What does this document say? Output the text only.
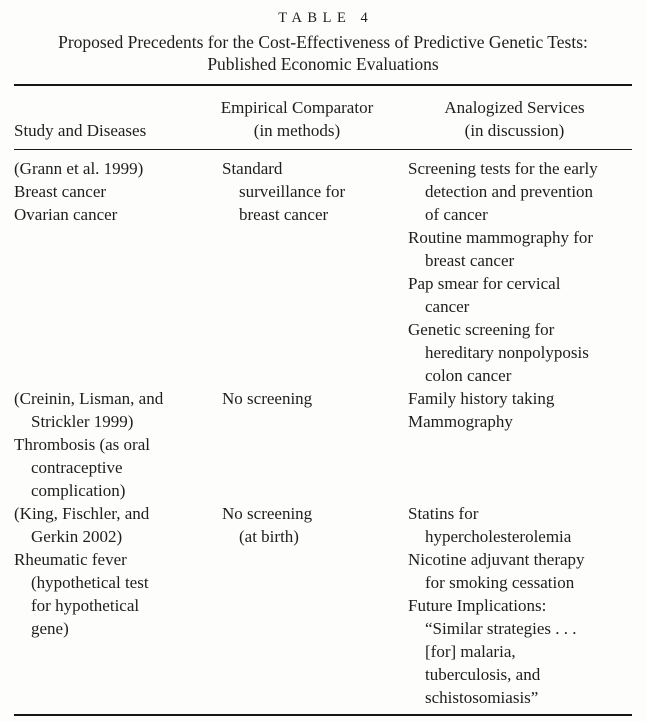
TABLE 4
Proposed Precedents for the Cost-Effectiveness of Predictive Genetic Tests:
Published Economic Evaluations
Study and Diseases
Empirical Comparator
(in methods)
Analogized Services
(in discussion)
(Grann et al. 1999)
Breast cancer
Ovarian cancer
Standard
surveillance for
breast cancer
Screening tests for the early
detection and prevention
of cancer
Routine mammography for
breast cancer
Pap smear for cervical
cancer
Genetic screening for
hereditary nonpolyposis
colon cancer
(Creinin, Lisman, and
Strickler 1999)
Thrombosis (as oral
contraceptive
complication)
No screening	Family history taking
Mammography
(King, Fischler, and
Gerkin 2002)
Rheumatic fever
(hypothetical test
for hypothetical
gene)
No screening
(at birth)
Statins for
hypercholesterolemia
Nicotine adjuvant therapy
for smoking cessation
Future Implications:
“Similar strategies . . .
[for] malaria,
tuberculosis, and
schistosomiasis”
